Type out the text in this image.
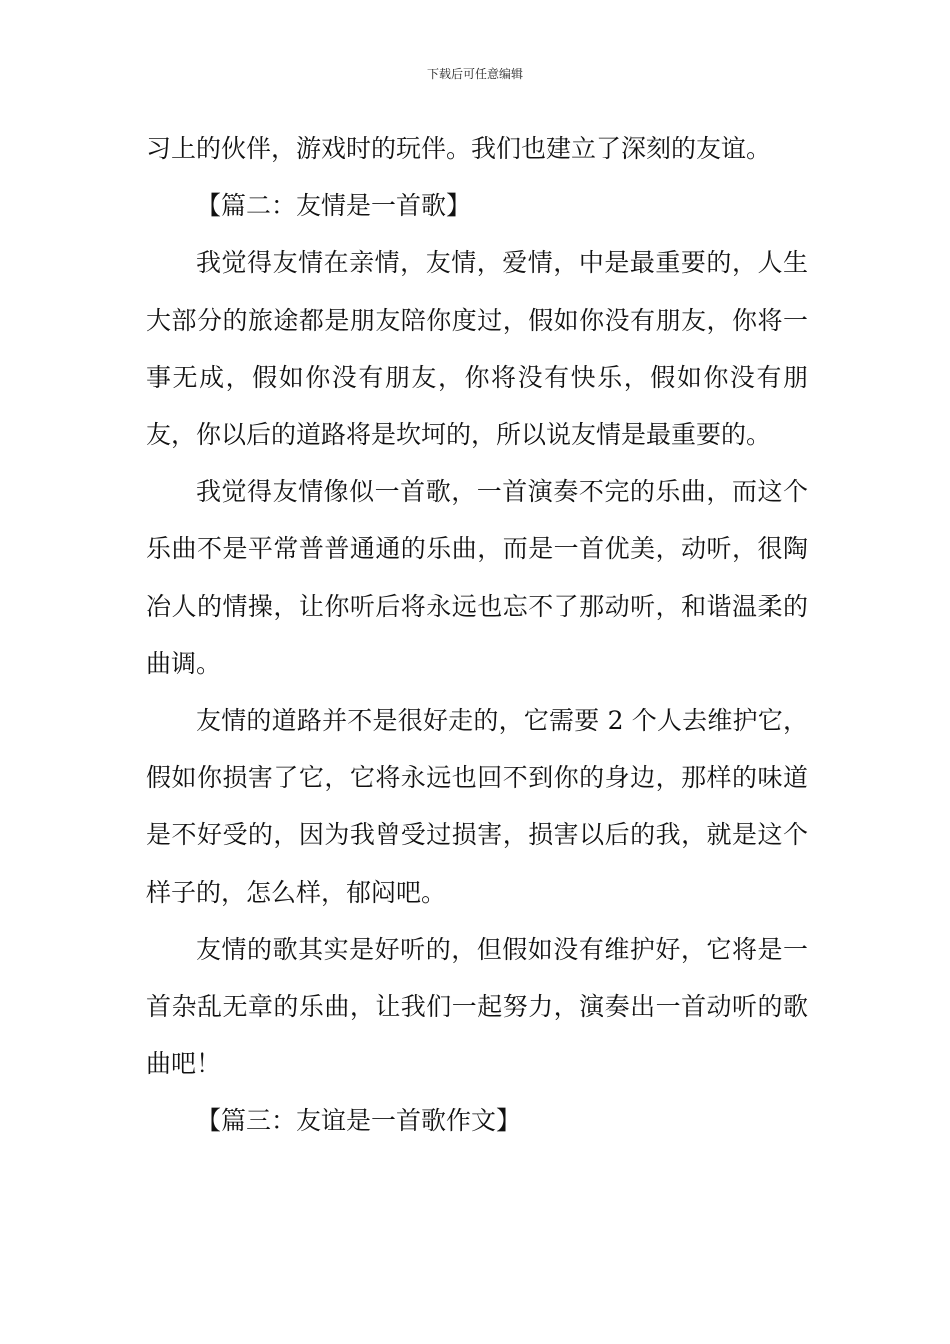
下载后可任意编辑

习上的伙伴，游戏时的玩伴。我们也建立了深刻的友谊。

【篇二：友情是一首歌】

我觉得友情在亲情，友情，爱情，中是最重要的，人生大部分的旅途都是朋友陪你度过，假如你没有朋友，你将一事无成，假如你没有朋友，你将没有快乐，假如你没有朋友，你以后的道路将是坎坷的，所以说友情是最重要的。

我觉得友情像似一首歌，一首演奏不完的乐曲，而这个乐曲不是平常普普通通的乐曲，而是一首优美，动听，很陶冶人的情操，让你听后将永远也忘不了那动听，和谐温柔的曲调。

友情的道路并不是很好走的，它需要 2 个人去维护它，假如你损害了它，它将永远也回不到你的身边，那样的味道是不好受的，因为我曾受过损害，损害以后的我，就是这个样子的，怎么样，郁闷吧。

友情的歌其实是好听的，但假如没有维护好，它将是一首杂乱无章的乐曲，让我们一起努力，演奏出一首动听的歌曲吧！

【篇三：友谊是一首歌作文】
